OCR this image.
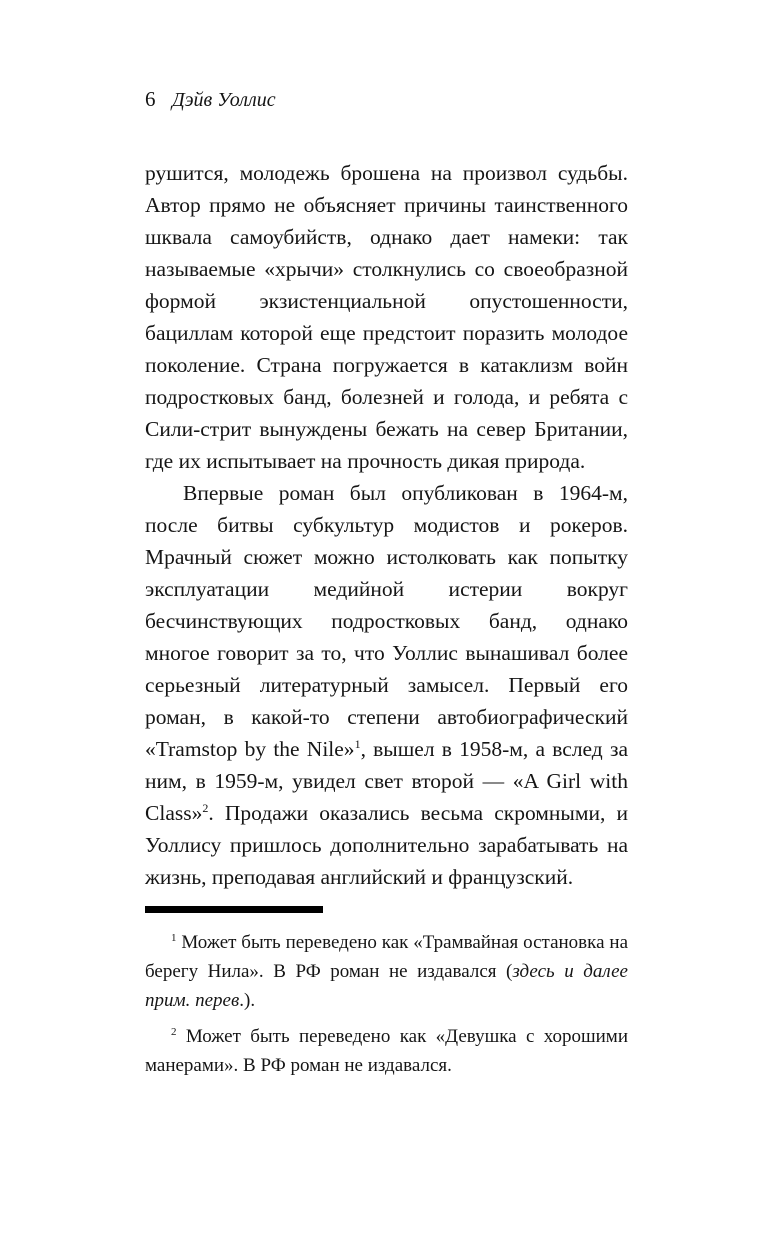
6 Дэйв Уоллис

рушится, молодежь брошена на произвол судьбы. Автор прямо не объясняет причины таинственного шквала самоубийств, однако дает намеки: так называемые «хрычи» столкнулись со своеобразной формой экзистенциальной опустошенности, бациллам которой еще предстоит поразить молодое поколение. Страна погружается в катаклизм войн подростковых банд, болезней и голода, и ребята с Сили-стрит вынуждены бежать на север Британии, где их испытывает на прочность дикая природа.

Впервые роман был опубликован в 1964-м, после битвы субкультур модистов и рокеров. Мрачный сюжет можно истолковать как попытку эксплуатации медийной истерии вокруг бесчинствующих подростковых банд, однако многое говорит за то, что Уоллис вынашивал более серьезный литературный замысел. Первый его роман, в какой-то степени автобиографический «Tramstop by the Nile»$^1$, вышел в 1958-м, а вслед за ним, в 1959-м, увидел свет второй — «A Girl with Class»$^2$. Продажи оказались весьма скромными, и Уоллису пришлось дополнительно зарабатывать на жизнь, преподавая английский и французский.

$^1$ Может быть переведено как «Трамвайная остановка на берегу Нила». В РФ роман не издавался (здесь и далее прим. перев.).

$^2$ Может быть переведено как «Девушка с хорошими манерами». В РФ роман не издавался.
